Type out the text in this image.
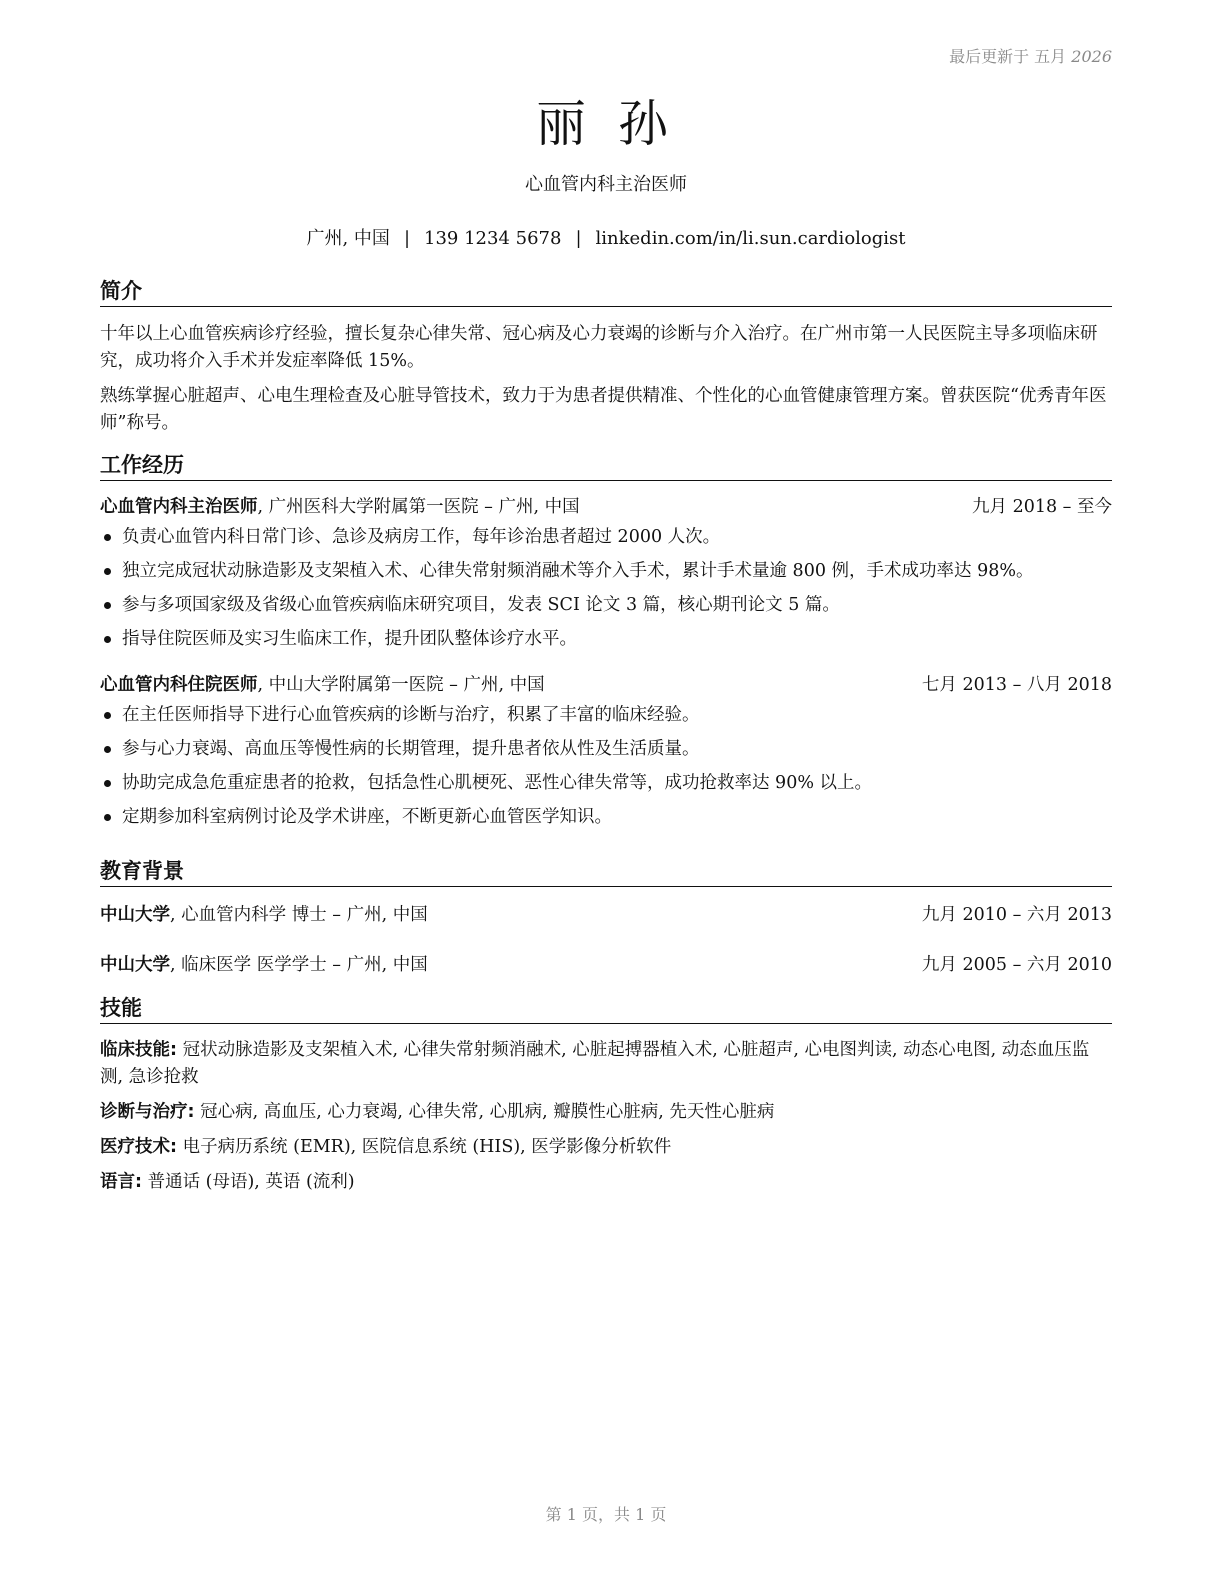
最后更新于 五月 2026
丽 孙
心血管内科主治医师
广州, 中国 | 139 1234 5678 | linkedin.com/in/li.sun.cardiologist
简介

十年以上心血管疾病诊疗经验，擅长复杂心律失常、冠心病及心力衰竭的诊断与介入治疗。在广州市第一人民医院主导多项临床研究，成功将介入手术并发症率降低 15%。

熟练掌握心脏超声、心电生理检查及心脏导管技术，致力于为患者提供精准、个性化的心血管健康管理方案。曾获医院“优秀青年医师”称号。

工作经历
心血管内科主治医师, 广州医科大学附属第一医院 – 广州, 中国	九月 2018 – 至今
负责心血管内科日常门诊、急诊及病房工作，每年诊治患者超过 2000 人次。
独立完成冠状动脉造影及支架植入术、心律失常射频消融术等介入手术，累计手术量逾 800 例，手术成功率达 98%。
参与多项国家级及省级心血管疾病临床研究项目，发表 SCI 论文 3 篇，核心期刊论文 5 篇。
指导住院医师及实习生临床工作，提升团队整体诊疗水平。
心血管内科住院医师, 中山大学附属第一医院 – 广州, 中国	七月 2013 – 八月 2018
在主任医师指导下进行心血管疾病的诊断与治疗，积累了丰富的临床经验。
参与心力衰竭、高血压等慢性病的长期管理，提升患者依从性及生活质量。
协助完成急危重症患者的抢救，包括急性心肌梗死、恶性心律失常等，成功抢救率达 90% 以上。
定期参加科室病例讨论及学术讲座，不断更新心血管医学知识。
教育背景
中山大学, 心血管内科学 博士 – 广州, 中国	九月 2010 – 六月 2013
中山大学, 临床医学 医学学士 – 广州, 中国	九月 2005 – 六月 2010
技能

临床技能: 冠状动脉造影及支架植入术, 心律失常射频消融术, 心脏起搏器植入术, 心脏超声, 心电图判读, 动态心电图, 动态血压监测, 急诊抢救

诊断与治疗: 冠心病, 高血压, 心力衰竭, 心律失常, 心肌病, 瓣膜性心脏病, 先天性心脏病

医疗技术: 电子病历系统 (EMR), 医院信息系统 (HIS), 医学影像分析软件

语言: 普通话 (母语), 英语 (流利)

第 1 页，共 1 页
